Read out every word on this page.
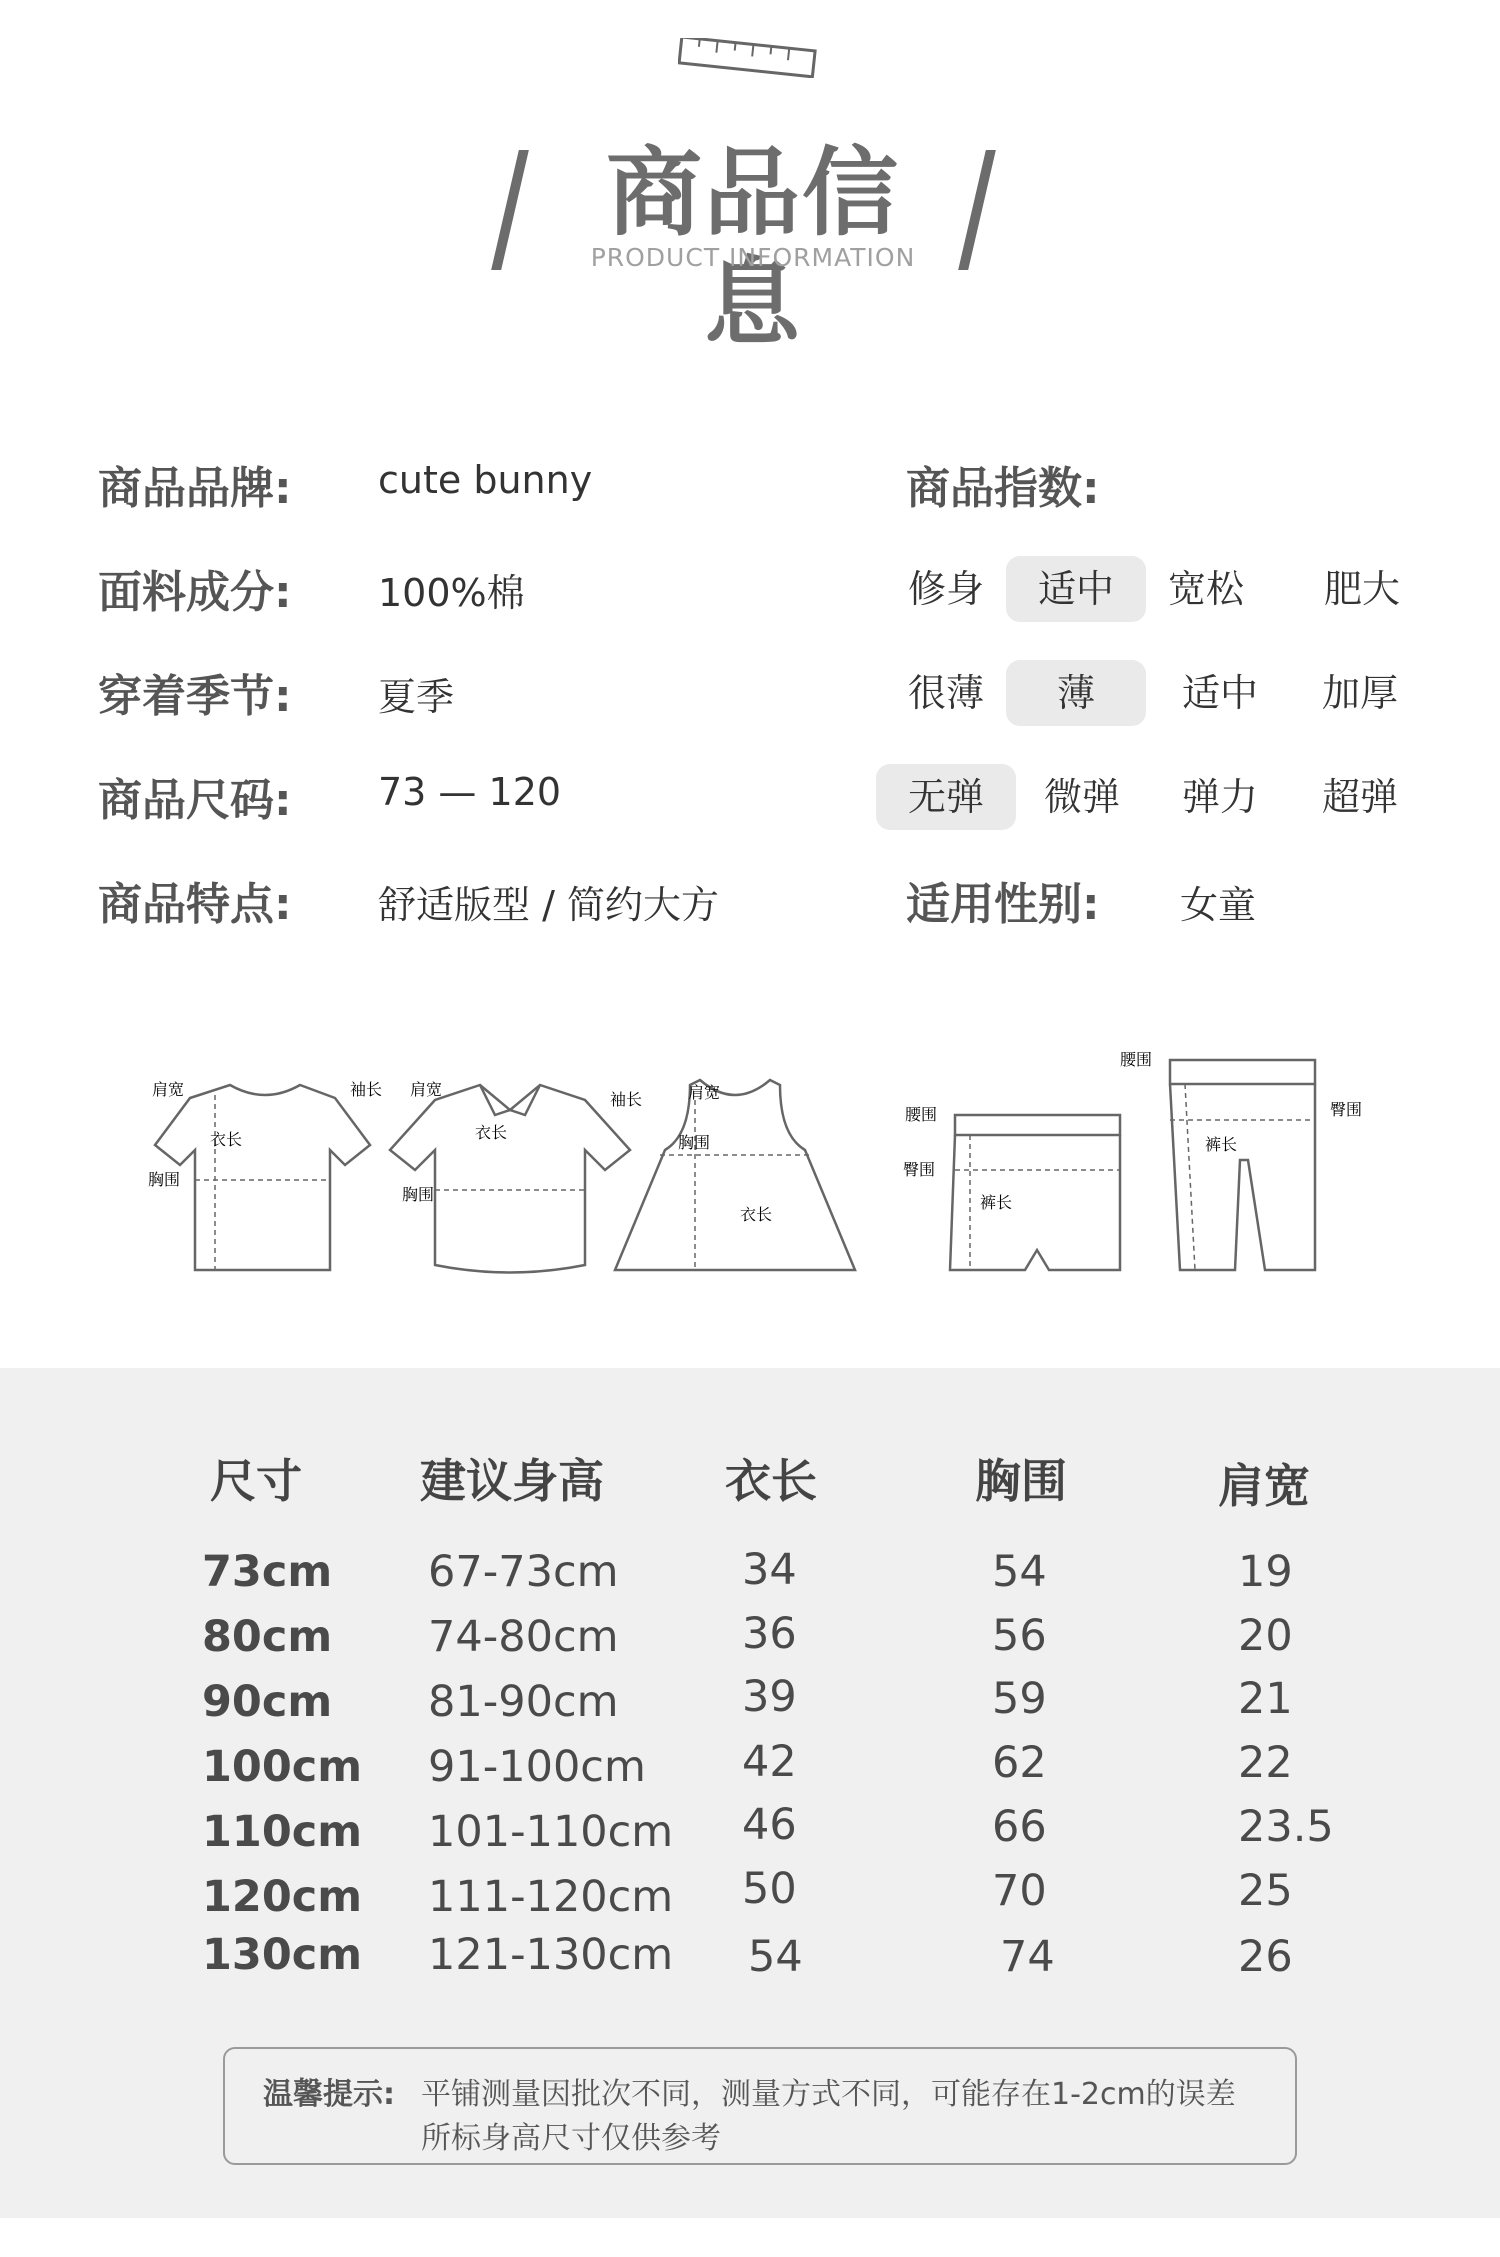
商品信息
PRODUCT INFORMATION
商品品牌: cute bunny
面料成分: 100%棉
穿着季节: 夏季
商品尺码: 73 — 120
商品特点: 舒适版型 / 简约大方
商品指数:
修身	适中	宽松	肥大
很薄	薄	适中	加厚
无弹	微弹	弹力	超弹
适用性别: 女童
肩宽	袖长
衣长
胸围
肩宽
袖长
衣长
胸围
肩宽
胸围
衣长
腰围
臀围
裤长
腰围
臀围
裤长
尺寸	建议身高	衣长	胸围	肩宽
73cm 67-73cm	34	54	19
80cm 74-80cm	36	56	20
90cm 81-90cm	39	59	21
100cm 91-100cm 42	62	22
110cm 101-110cm 46	66	23.5
120cm 111-120cm 50	70	25
130cm 121-130cm 54	74	26
温馨提示: 平铺测量因批次不同，测量方式不同，可能存在1-2cm的误差
所标身高尺寸仅供参考
